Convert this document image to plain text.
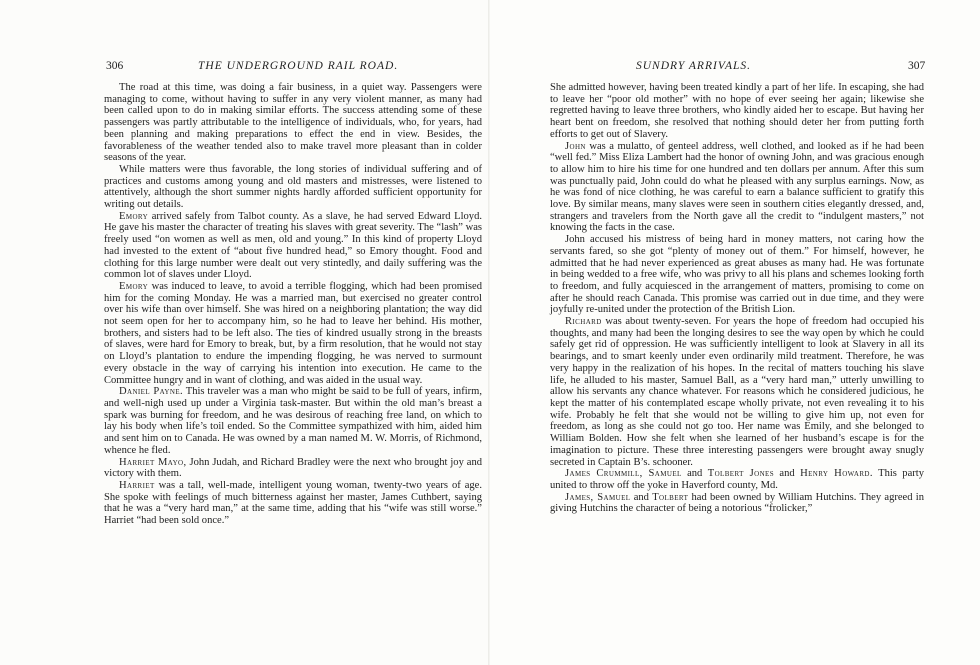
306	THE UNDERGROUND RAIL ROAD.

The road at this time, was doing a fair business, in a quiet way. Passengers were managing to come, without having to suffer in any very violent manner, as many had been called upon to do in making similar efforts. The success attending some of these passengers was partly attributable to the intelligence of individuals, who, for years, had been planning and making preparations to effect the end in view. Besides, the favorableness of the weather tended also to make travel more pleasant than in colder seasons of the year.

While matters were thus favorable, the long stories of individual suffering and of practices and customs among young and old masters and mistresses, were listened to attentively, although the short summer nights hardly afforded sufficient opportunity for writing out details.

Emory arrived safely from Talbot county. As a slave, he had served Edward Lloyd. He gave his master the character of treating his slaves with great severity. The “lash” was freely used “on women as well as men, old and young.” In this kind of property Lloyd had invested to the extent of “about five hundred head,” so Emory thought. Food and clothing for this large number were dealt out very stintedly, and daily suffering was the common lot of slaves under Lloyd.

Emory was induced to leave, to avoid a terrible flogging, which had been promised him for the coming Monday. He was a married man, but exercised no greater control over his wife than over himself. She was hired on a neighboring plantation; the way did not seem open for her to accompany him, so he had to leave her behind. His mother, brothers, and sisters had to be left also. The ties of kindred usually strong in the breasts of slaves, were hard for Emory to break, but, by a firm resolution, that he would not stay on Lloyd’s plantation to endure the impending flogging, he was nerved to surmount every obstacle in the way of carrying his intention into execution. He came to the Committee hungry and in want of clothing, and was aided in the usual way.

Daniel Payne. This traveler was a man who might be said to be full of years, infirm, and well-nigh used up under a Virginia task-master. But within the old man’s breast a spark was burning for freedom, and he was desirous of reaching free land, on which to lay his body when life’s toil ended. So the Committee sympathized with him, aided him and sent him on to Canada. He was owned by a man named M. W. Morris, of Richmond, whence he fled.

Harriet Mayo, John Judah, and Richard Bradley were the next who brought joy and victory with them.

Harriet was a tall, well-made, intelligent young woman, twenty-two years of age. She spoke with feelings of much bitterness against her master, James Cuthbert, saying that he was a “very hard man,” at the same time, adding that his “wife was still worse.” Harriet “had been sold once.”

SUNDRY ARRIVALS.	307

She admitted however, having been treated kindly a part of her life. In escaping, she had to leave her “poor old mother” with no hope of ever seeing her again; likewise she regretted having to leave three brothers, who kindly aided her to escape. But having her heart bent on freedom, she resolved that nothing should deter her from putting forth efforts to get out of Slavery.

John was a mulatto, of genteel address, well clothed, and looked as if he had been “well fed.” Miss Eliza Lambert had the honor of owning John, and was gracious enough to allow him to hire his time for one hundred and ten dollars per annum. After this sum was punctually paid, John could do what he pleased with any surplus earnings. Now, as he was fond of nice clothing, he was careful to earn a balance sufficient to gratify this love. By similar means, many slaves were seen in southern cities elegantly dressed, and, strangers and travelers from the North gave all the credit to “indulgent masters,” not knowing the facts in the case.

John accused his mistress of being hard in money matters, not caring how the servants fared, so she got “plenty of money out of them.” For himself, however, he admitted that he had never experienced as great abuses as many had. He was fortunate in being wedded to a free wife, who was privy to all his plans and schemes looking forth to freedom, and fully acquiesced in the arrangement of matters, promising to come on after he should reach Canada. This promise was carried out in due time, and they were joyfully re-united under the protection of the British Lion.

Richard was about twenty-seven. For years the hope of freedom had occupied his thoughts, and many had been the longing desires to see the way open by which he could safely get rid of oppression. He was sufficiently intelligent to look at Slavery in all its bearings, and to smart keenly under even ordinarily mild treatment. Therefore, he was very happy in the realization of his hopes. In the recital of matters touching his slave life, he alluded to his master, Samuel Ball, as a “very hard man,” utterly unwilling to allow his servants any chance whatever. For reasons which he considered judicious, he kept the matter of his contemplated escape wholly private, not even revealing it to his wife. Probably he felt that she would not be willing to give him up, not even for freedom, as long as she could not go too. Her name was Emily, and she belonged to William Bolden. How she felt when she learned of her husband’s escape is for the imagination to picture. These three interesting passengers were brought away snugly secreted in Captain B’s. schooner.

James Crummill, Samuel and Tolbert Jones and Henry Howard. This party united to throw off the yoke in Haverford county, Md.

James, Samuel and Tolbert had been owned by William Hutchins. They agreed in giving Hutchins the character of being a notorious “frolicker,”
